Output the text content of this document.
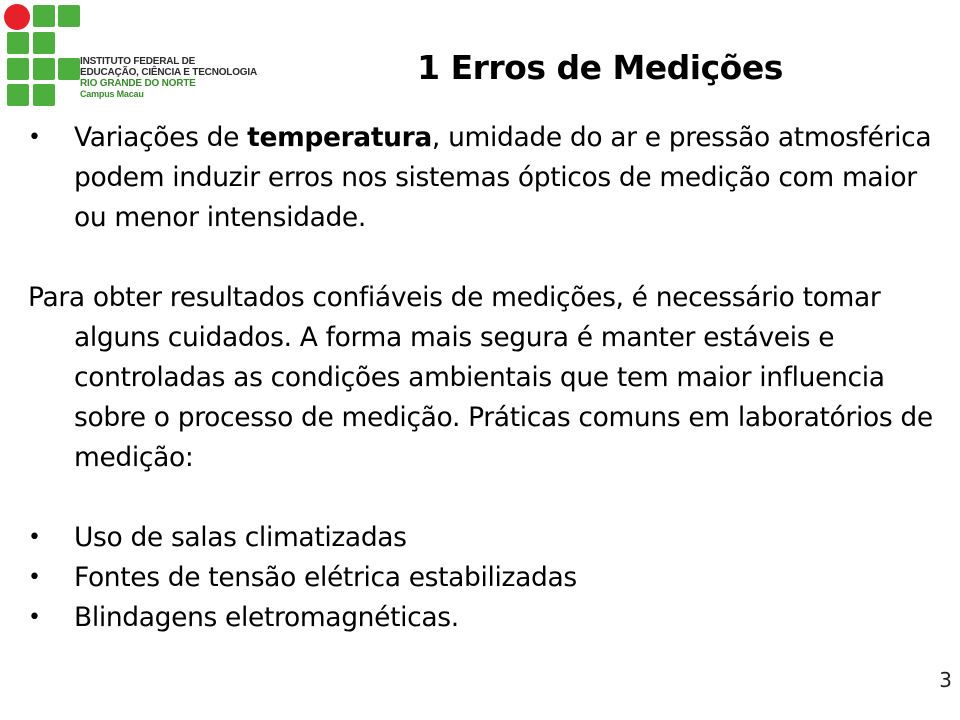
INSTITUTO FEDERAL DE
EDUCAÇÃO, CIÊNCIA E TECNOLOGIA
RIO GRANDE DO NORTE
Campus Macau
1 Erros de Medições
• Variações de temperatura, umidade do ar e pressão atmosférica podem induzir erros nos sistemas ópticos de medição com maior ou menor intensidade.
Para obter resultados confiáveis de medições, é necessário tomar alguns cuidados. A forma mais segura é manter estáveis e controladas as condições ambientais que tem maior influencia sobre o processo de medição. Práticas comuns em laboratórios de medição:
• Uso de salas climatizadas
• Fontes de tensão elétrica estabilizadas
• Blindagens eletromagnéticas.
3
